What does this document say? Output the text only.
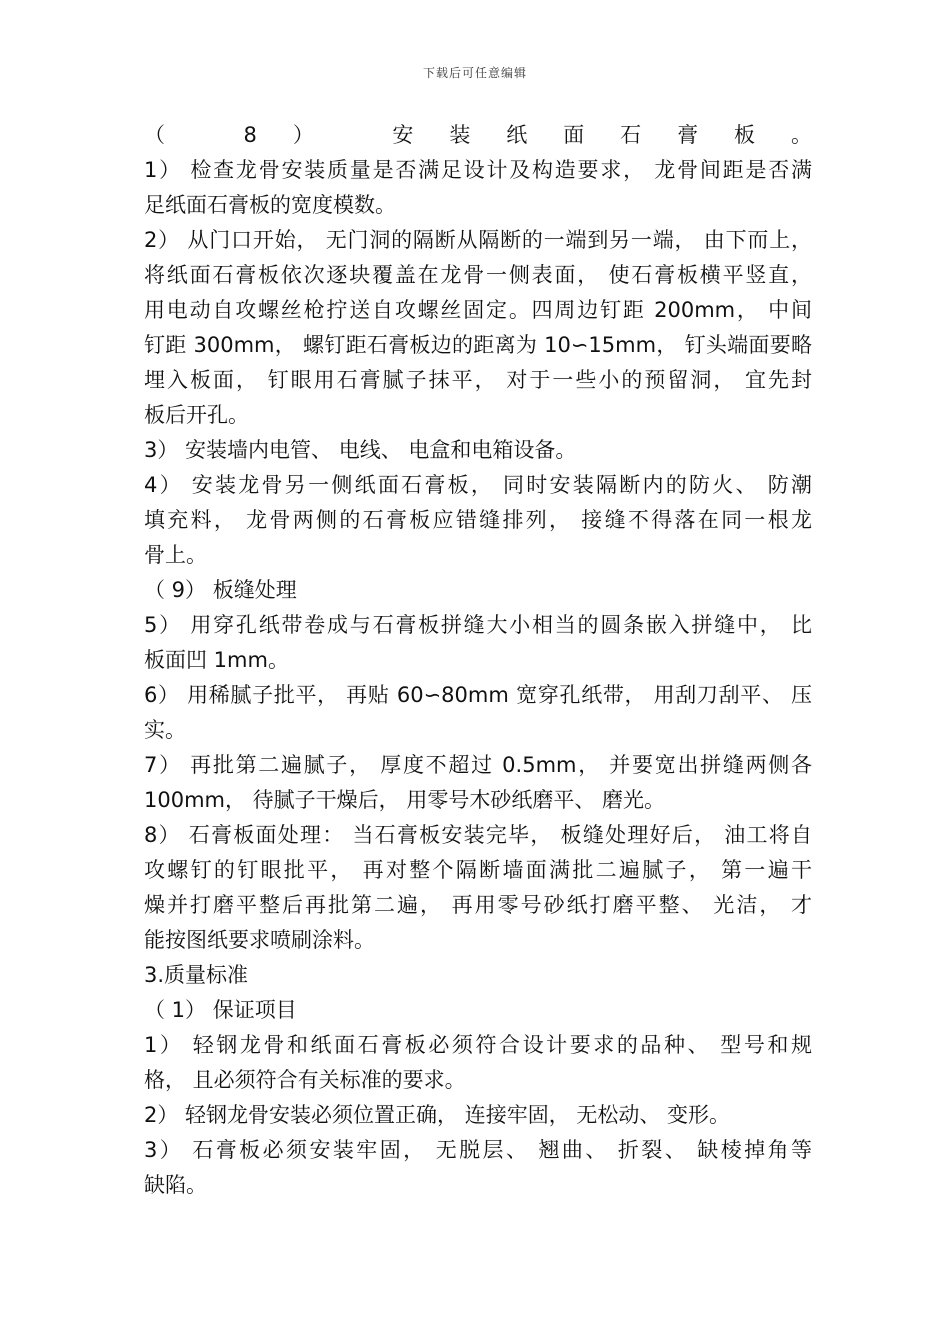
下载后可任意编辑
（ 8） 安装纸面石膏板。
1） 检查龙骨安装质量是否满足设计及构造要求， 龙骨间距是否满
足纸面石膏板的宽度模数。
2） 从门口开始， 无门洞的隔断从隔断的一端到另一端， 由下而上，
将纸面石膏板依次逐块覆盖在龙骨一侧表面， 使石膏板横平竖直，
用电动自攻螺丝枪拧送自攻螺丝固定。四周边钉距 200mm， 中间
钉距 300mm， 螺钉距石膏板边的距离为 10∽15mm， 钉头端面要略
埋入板面， 钉眼用石膏腻子抹平， 对于一些小的预留洞， 宜先封
板后开孔。
3） 安装墙内电管、 电线、 电盒和电箱设备。
4） 安装龙骨另一侧纸面石膏板， 同时安装隔断内的防火、 防潮
填充料， 龙骨两侧的石膏板应错缝排列， 接缝不得落在同一根龙
骨上。
（ 9） 板缝处理
5） 用穿孔纸带卷成与石膏板拼缝大小相当的圆条嵌入拼缝中， 比
板面凹 1mm。
6） 用稀腻子批平， 再贴 60∽80mm 宽穿孔纸带， 用刮刀刮平、 压
实。
7） 再批第二遍腻子， 厚度不超过 0.5mm， 并要宽出拼缝两侧各
100mm， 待腻子干燥后， 用零号木砂纸磨平、 磨光。
8） 石膏板面处理： 当石膏板安装完毕， 板缝处理好后， 油工将自
攻螺钉的钉眼批平， 再对整个隔断墙面满批二遍腻子， 第一遍干
燥并打磨平整后再批第二遍， 再用零号砂纸打磨平整、 光洁， 才
能按图纸要求喷刷涂料。
3.质量标准
（ 1） 保证项目
1） 轻钢龙骨和纸面石膏板必须符合设计要求的品种、 型号和规
格， 且必须符合有关标准的要求。
2） 轻钢龙骨安装必须位置正确， 连接牢固， 无松动、 变形。
3） 石膏板必须安装牢固， 无脱层、 翘曲、 折裂、 缺棱掉角等
缺陷。
